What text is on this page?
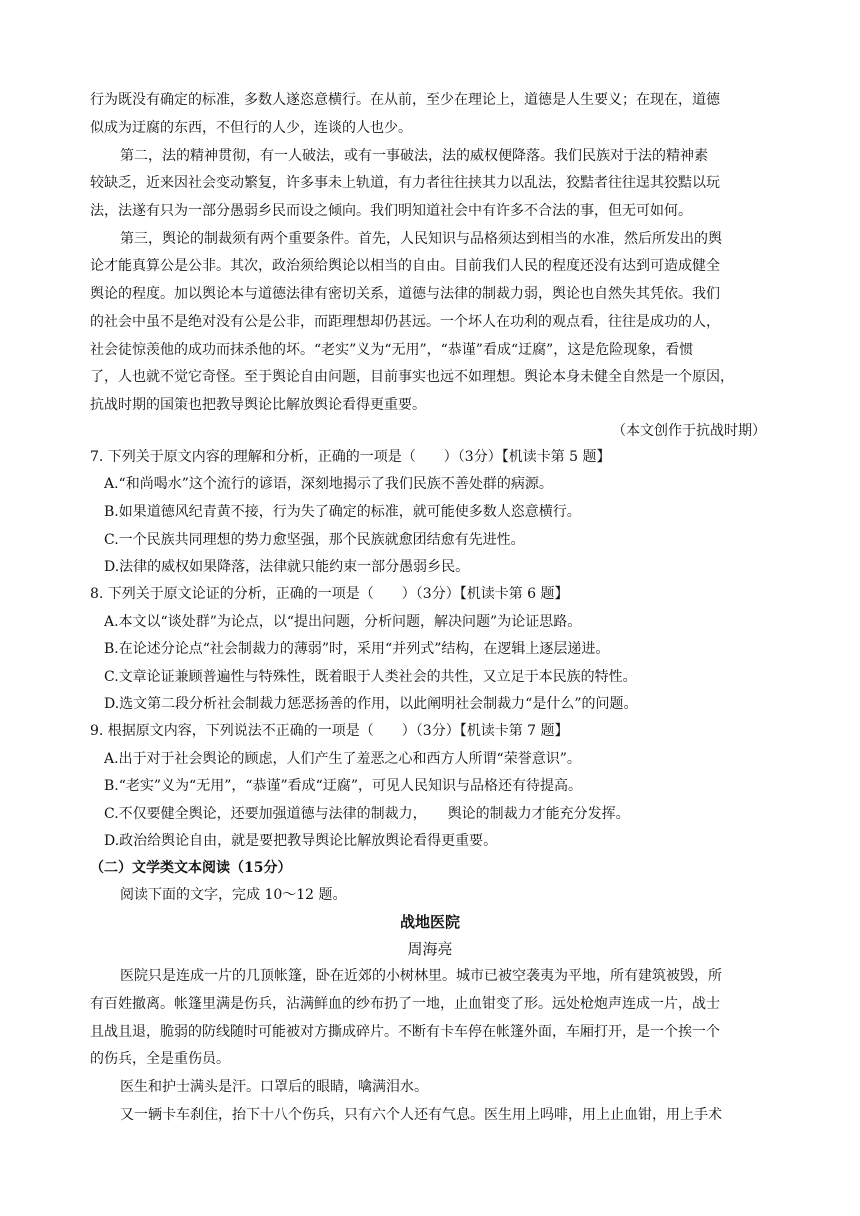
行为既没有确定的标准，多数人遂恣意横行。在从前，至少在理论上，道德是人生要义；在现在，道德
似成为迂腐的东西，不但行的人少，连谈的人也少。
第二，法的精神贯彻，有一人破法，或有一事破法，法的威权便降落。我们民族对于法的精神素
较缺乏，近来因社会变动繁复，许多事未上轨道，有力者往往挟其力以乱法，狡黠者往往逞其狡黠以玩
法，法遂有只为一部分愚弱乡民而设之倾向。我们明知道社会中有许多不合法的事，但无可如何。
第三，舆论的制裁须有两个重要条件。首先，人民知识与品格须达到相当的水准，然后所发出的舆
论才能真算公是公非。其次，政治须给舆论以相当的自由。目前我们人民的程度还没有达到可造成健全
舆论的程度。加以舆论本与道德法律有密切关系，道德与法律的制裁力弱，舆论也自然失其凭依。我们
的社会中虽不是绝对没有公是公非，而距理想却仍甚远。一个坏人在功利的观点看，往往是成功的人，
社会徒惊羡他的成功而抹杀他的坏。“老实”义为“无用”，“恭谨”看成“迂腐”，这是危险现象，看惯
了，人也就不觉它奇怪。至于舆论自由问题，目前事实也远不如理想。舆论本身未健全自然是一个原因，
抗战时期的国策也把教导舆论比解放舆论看得更重要。
（本文创作于抗战时期）
7. 下列关于原文内容的理解和分析，正确的一项是（　　）（3分）【机读卡第 5 题】
A.“和尚喝水”这个流行的谚语，深刻地揭示了我们民族不善处群的病源。
B.如果道德风纪青黄不接，行为失了确定的标准，就可能使多数人恣意横行。
C.一个民族共同理想的势力愈坚强，那个民族就愈团结愈有先进性。
D.法律的威权如果降落，法律就只能约束一部分愚弱乡民。
8. 下列关于原文论证的分析，正确的一项是（　　）（3分）【机读卡第 6 题】
A.本文以“谈处群”为论点，以“提出问题，分析问题，解决问题”为论证思路。
B.在论述分论点“社会制裁力的薄弱”时，采用“并列式”结构，在逻辑上逐层递进。
C.文章论证兼顾普遍性与特殊性，既着眼于人类社会的共性，又立足于本民族的特性。
D.选文第二段分析社会制裁力惩恶扬善的作用，以此阐明社会制裁力“是什么”的问题。
9. 根据原文内容，下列说法不正确的一项是（　　）（3分）【机读卡第 7 题】
A.出于对于社会舆论的顾虑，人们产生了羞恶之心和西方人所谓“荣誉意识”。
B.“老实”义为“无用”，“恭谨”看成“迂腐”，可见人民知识与品格还有待提高。
C.不仅要健全舆论，还要加强道德与法律的制裁力，　　舆论的制裁力才能充分发挥。
D.政治给舆论自由，就是要把教导舆论比解放舆论看得更重要。
（二）文学类文本阅读（15分）
阅读下面的文字，完成 10～12 题。
战地医院
周海亮
医院只是连成一片的几顶帐篷，卧在近郊的小树林里。城市已被空袭夷为平地，所有建筑被毁，所
有百姓撤离。帐篷里满是伤兵，沾满鲜血的纱布扔了一地，止血钳变了形。远处枪炮声连成一片，战士
且战且退，脆弱的防线随时可能被对方撕成碎片。不断有卡车停在帐篷外面，车厢打开，是一个挨一个
的伤兵，全是重伤员。
医生和护士满头是汗。口罩后的眼睛，噙满泪水。
又一辆卡车刹住，抬下十八个伤兵，只有六个人还有气息。医生用上吗啡，用上止血钳，用上手术
